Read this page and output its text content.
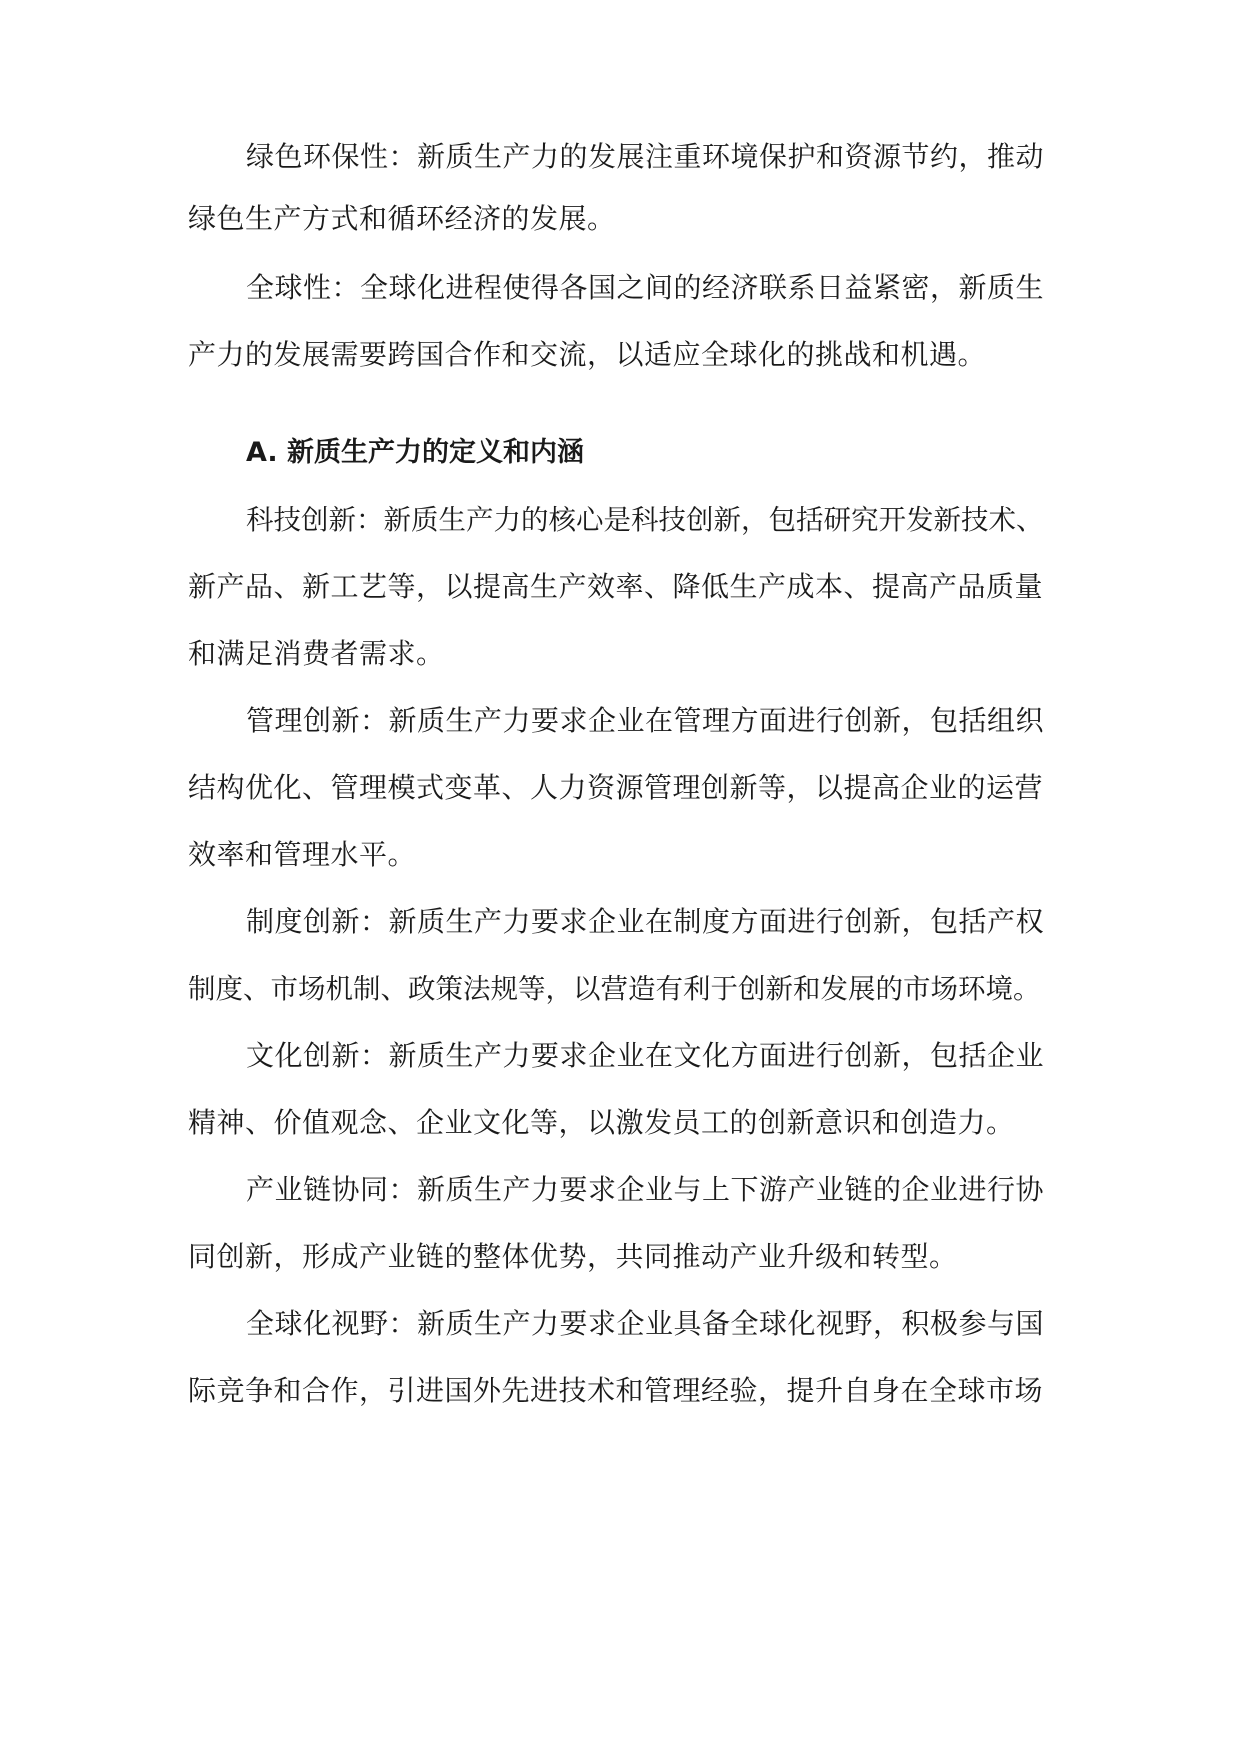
绿色环保性：新质生产力的发展注重环境保护和资源节约，推动
绿色生产方式和循环经济的发展。
全球性：全球化进程使得各国之间的经济联系日益紧密，新质生
产力的发展需要跨国合作和交流，以适应全球化的挑战和机遇。
A. 新质生产力的定义和内涵
科技创新：新质生产力的核心是科技创新，包括研究开发新技术、
新产品、新工艺等，以提高生产效率、降低生产成本、提高产品质量
和满足消费者需求。
管理创新：新质生产力要求企业在管理方面进行创新，包括组织
结构优化、管理模式变革、人力资源管理创新等，以提高企业的运营
效率和管理水平。
制度创新：新质生产力要求企业在制度方面进行创新，包括产权
制度、市场机制、政策法规等，以营造有利于创新和发展的市场环境。
文化创新：新质生产力要求企业在文化方面进行创新，包括企业
精神、价值观念、企业文化等，以激发员工的创新意识和创造力。
产业链协同：新质生产力要求企业与上下游产业链的企业进行协
同创新，形成产业链的整体优势，共同推动产业升级和转型。
全球化视野：新质生产力要求企业具备全球化视野，积极参与国
际竞争和合作，引进国外先进技术和管理经验，提升自身在全球市场
